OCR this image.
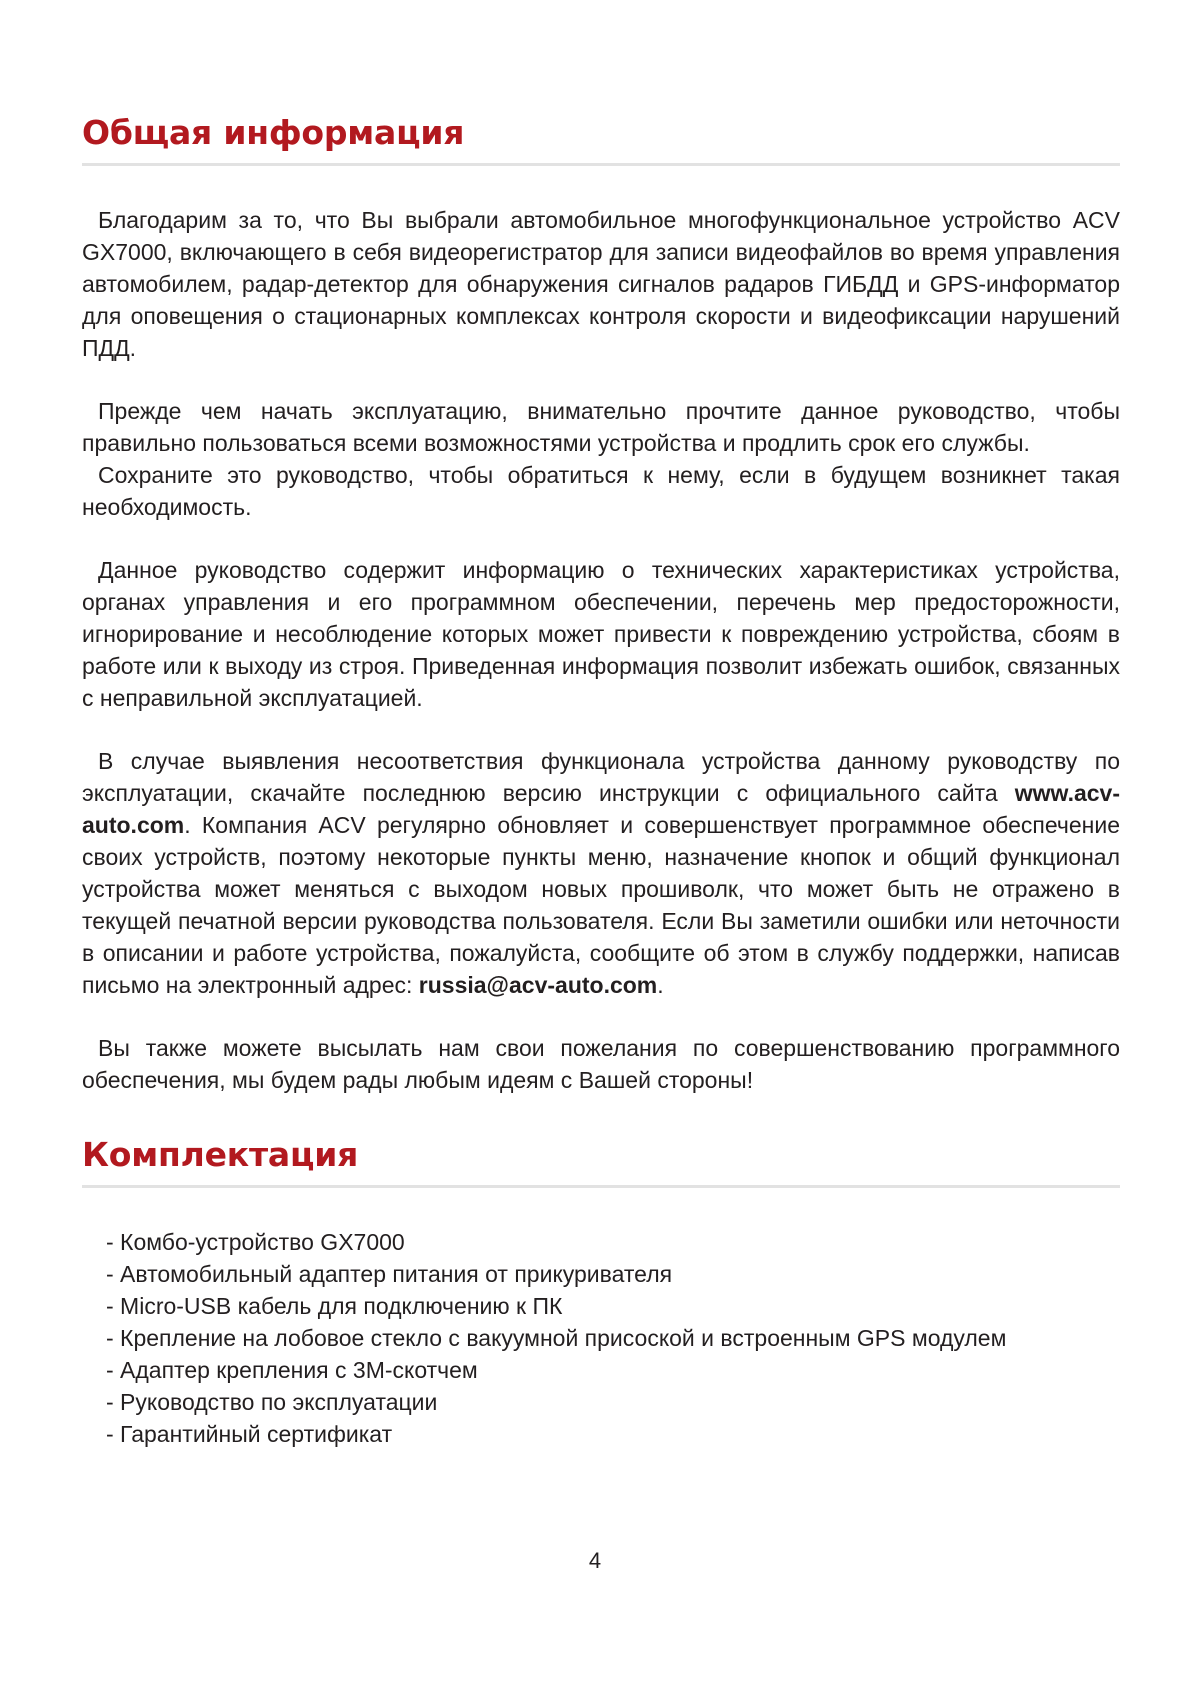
Общая информация

Благодарим за то, что Вы выбрали автомобильное многофункциональное устройство ACV GX7000, включающего в себя видеорегистратор для записи видеофайлов во время управления автомобилем, радар-детектор для обнаружения сигналов радаров ГИБДД и GPS-информатор для оповещения о стационарных комплексах контроля скорости и видеофиксации нарушений ПДД.

Прежде чем начать эксплуатацию, внимательно прочтите данное руководство, чтобы правильно пользоваться всеми возможностями устройства и продлить срок его службы.

Сохраните это руководство, чтобы обратиться к нему, если в будущем возникнет такая необходимость.

Данное руководство содержит информацию о технических характеристиках устройства, органах управления и его программном обеспечении, перечень мер предосторожности, игнорирование и несоблюдение которых может привести к повреждению устройства, сбоям в работе или к выходу из строя. Приведенная информация позволит избежать ошибок, связанных с неправильной эксплуатацией.

В случае выявления несоответствия функционала устройства данному руководству по эксплуатации, скачайте последнюю версию инструкции с официального сайта www.acv-auto.com. Компания ACV регулярно обновляет и совершенствует программное обеспечение своих устройств, поэтому некоторые пункты меню, назначение кнопок и общий функционал устройства может меняться с выходом новых прошиволк, что может быть не отражено в текущей печатной версии руководства пользователя. Если Вы заметили ошибки или неточности в описании и работе устройства, пожалуйста, сообщите об этом в службу поддержки, написав письмо на электронный адрес: russia@acv-auto.com.

Вы также можете высылать нам свои пожелания по совершенствованию программного обеспечения, мы будем рады любым идеям с Вашей стороны!

Комплектация
- Комбо-устройство GX7000
- Автомобильный адаптер питания от прикуривателя
- Micro-USB кабель для подключению к ПК
- Крепление на лобовое стекло с вакуумной присоской и встроенным GPS модулем
- Адаптер крепления с 3M-скотчем
- Руководство по эксплуатации
- Гарантийный сертификат
4
